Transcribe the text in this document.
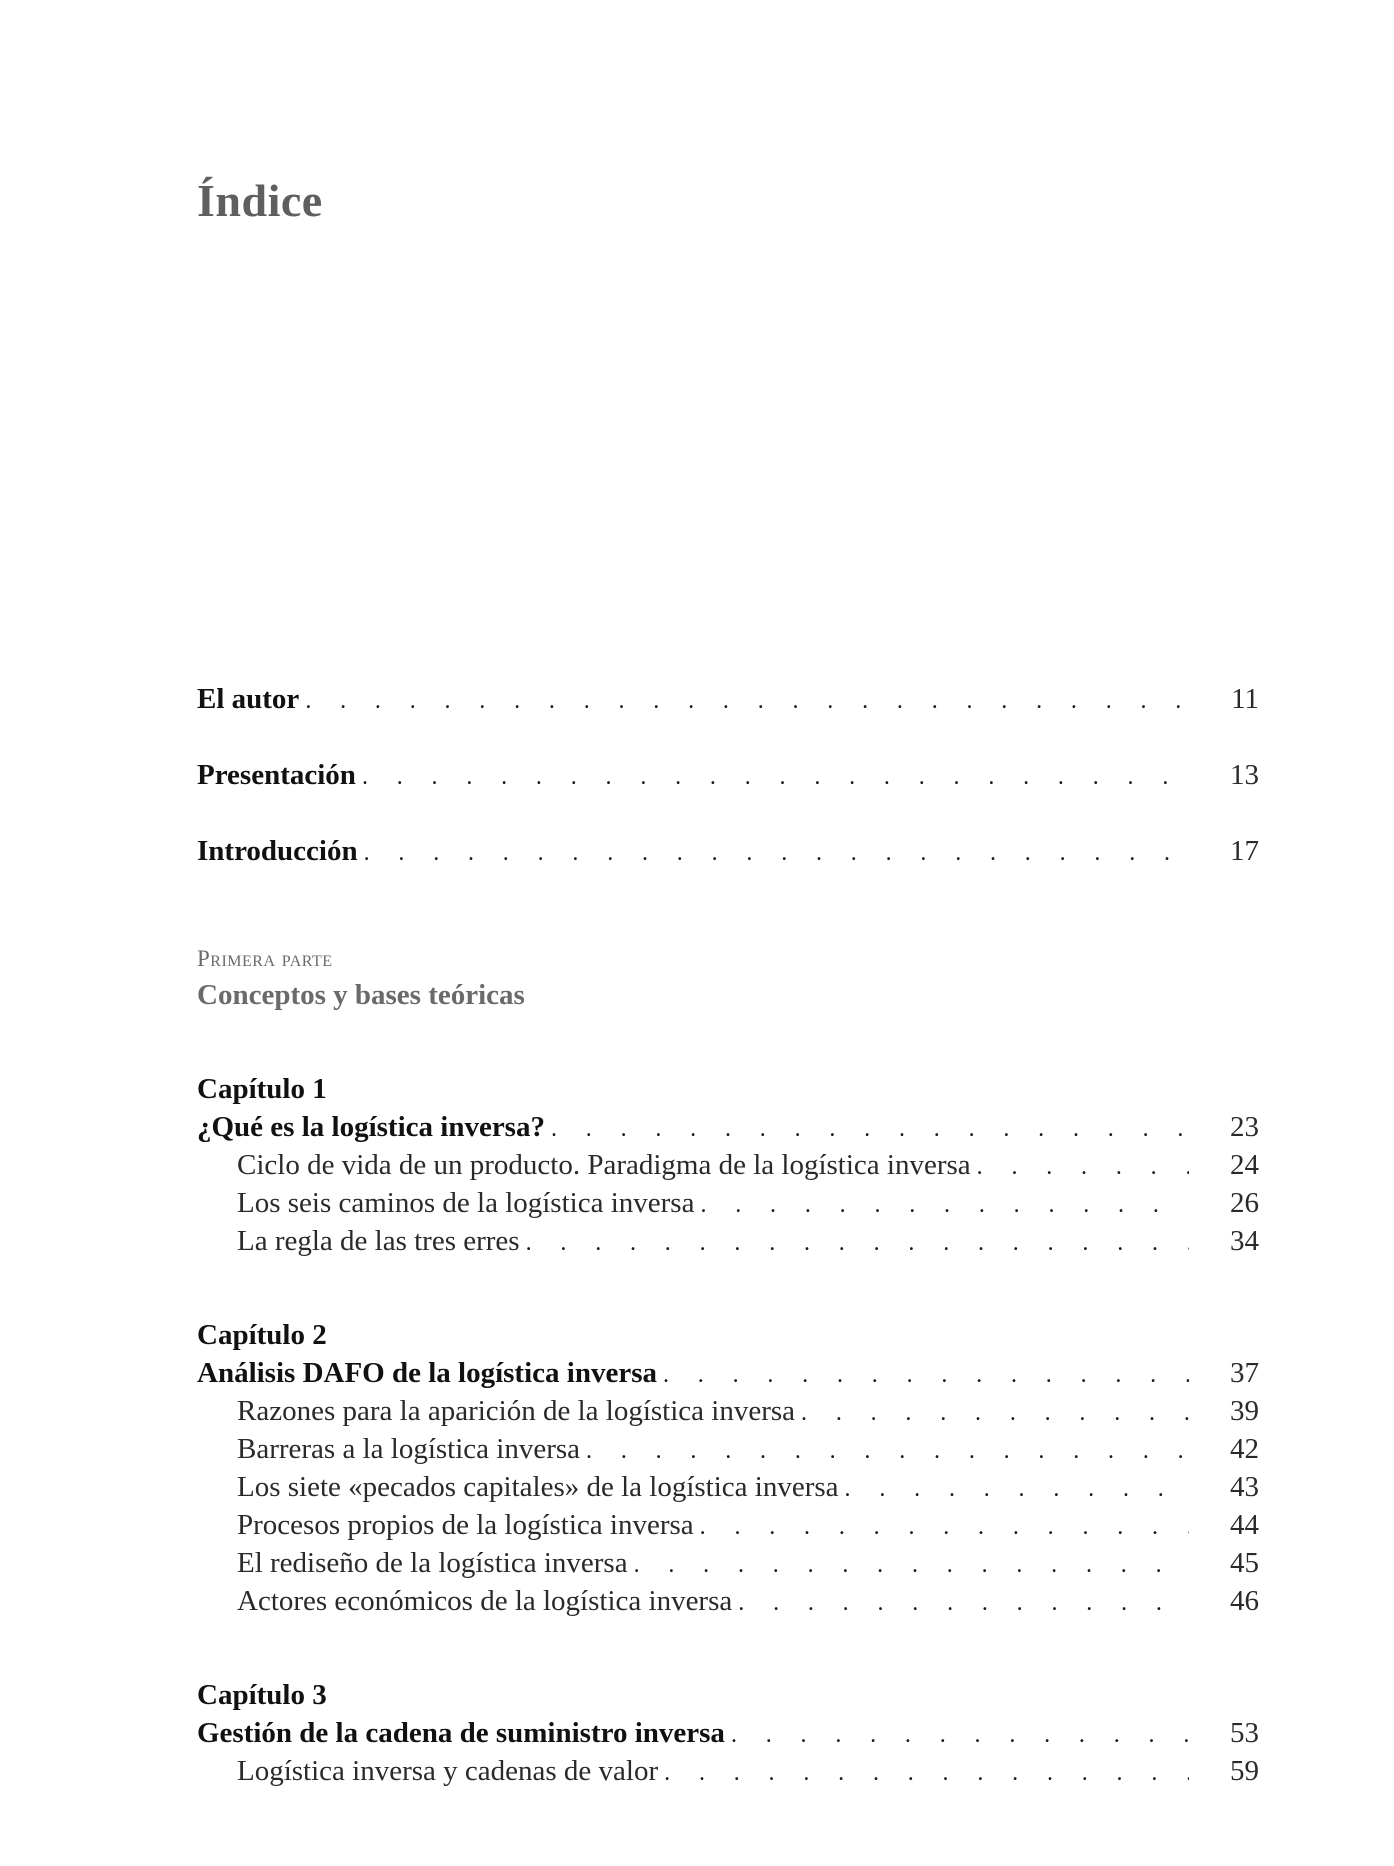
Índice
El autor . . .	11
Presentación . . .	13
Introducción . . .	17
Primera parte
Conceptos y bases teóricas
Capítulo 1
¿Qué es la logística inversa? . . .	23
Ciclo de vida de un producto. Paradigma de la logística inversa . . .	24
Los seis caminos de la logística inversa . . .	26
La regla de las tres erres . . .	34
Capítulo 2
Análisis DAFO de la logística inversa . . .	37
Razones para la aparición de la logística inversa . . .	39
Barreras a la logística inversa . . .	42
Los siete «pecados capitales» de la logística inversa . . .	43
Procesos propios de la logística inversa . . .	44
El rediseño de la logística inversa . . .	45
Actores económicos de la logística inversa . . .	46
Capítulo 3
Gestión de la cadena de suministro inversa . . .	53
Logística inversa y cadenas de valor . . .	59
